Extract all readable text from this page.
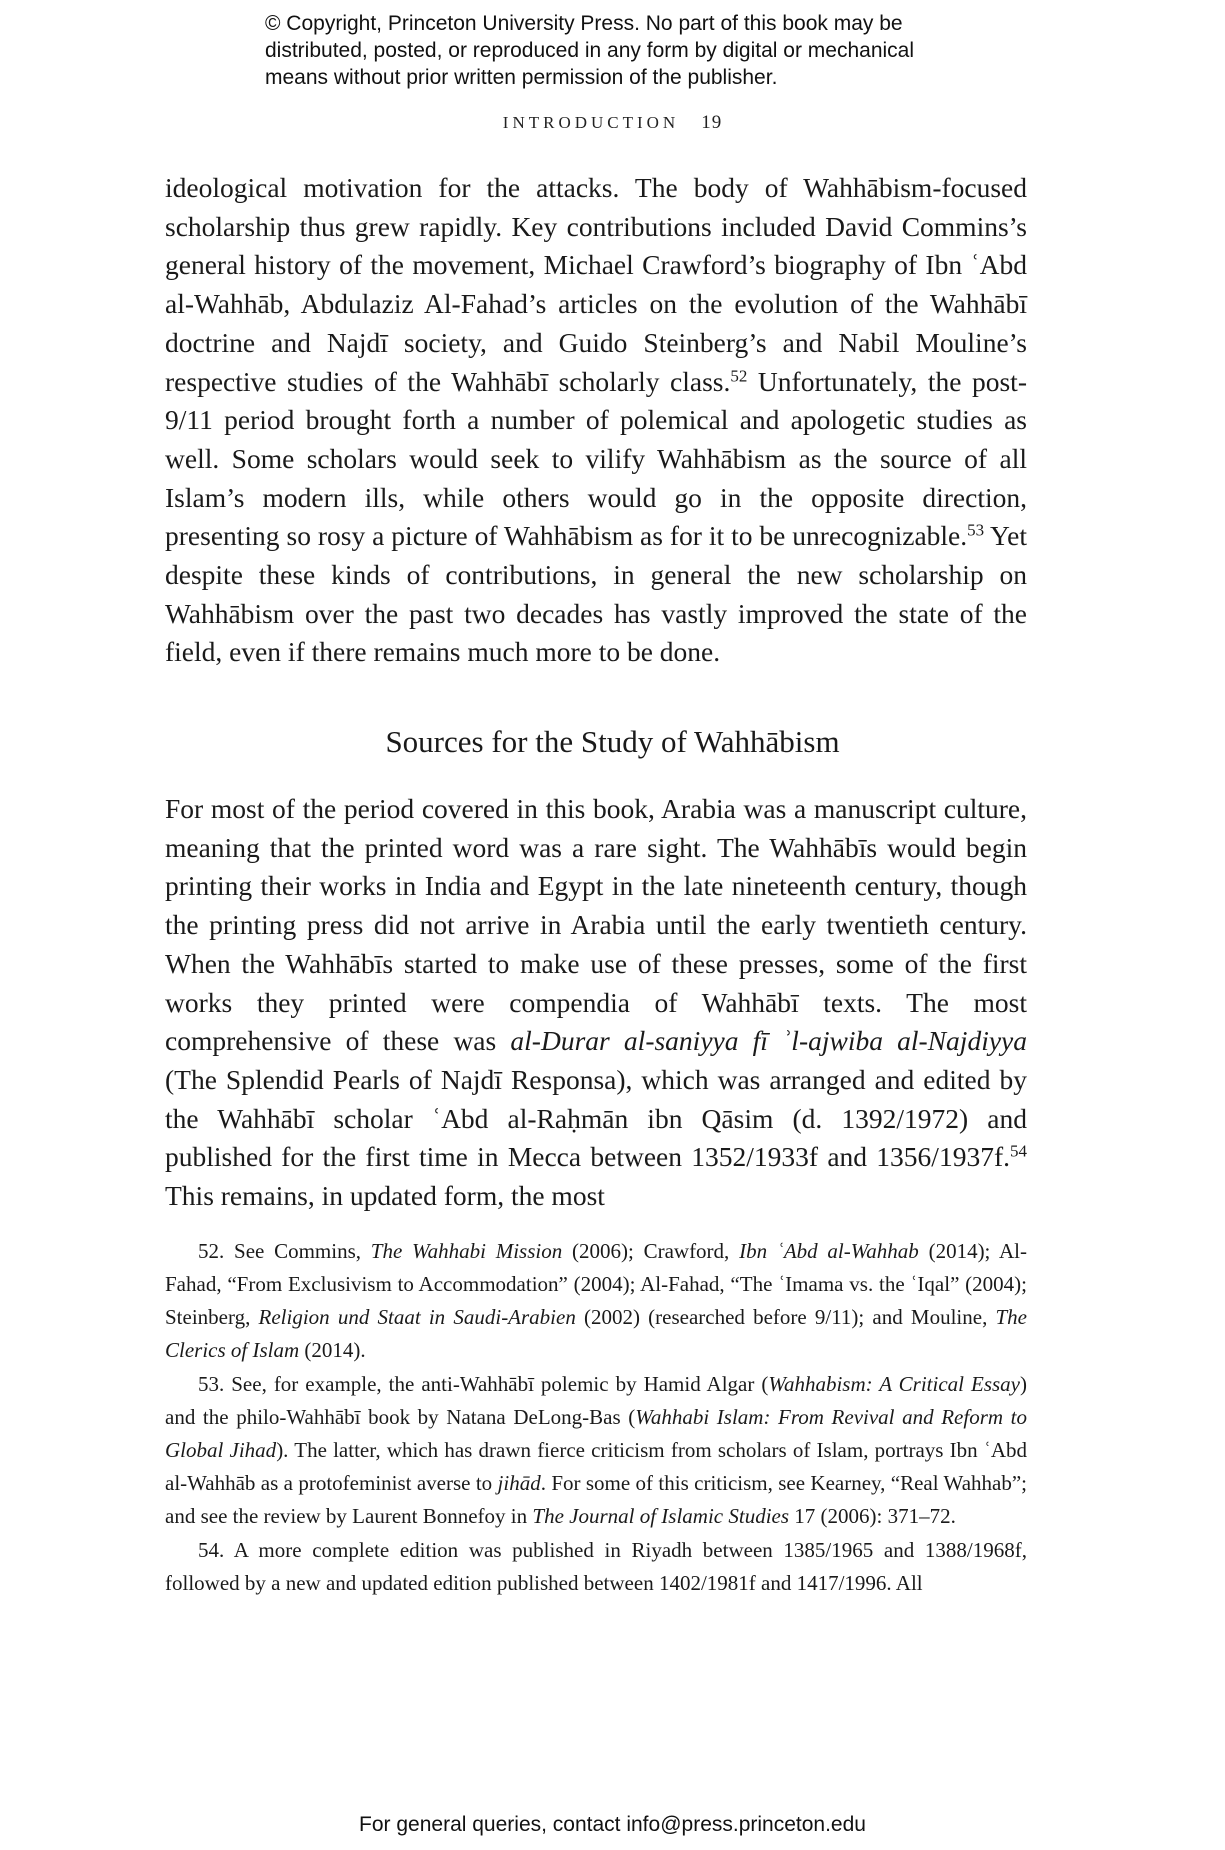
© Copyright, Princeton University Press. No part of this book may be
distributed, posted, or reproduced in any form by digital or mechanical
means without prior written permission of the publisher.
INTRODUCTION 19

ideological motivation for the attacks. The body of Wahhābism-focused scholarship thus grew rapidly. Key contributions included David Commins’s general history of the movement, Michael Crawford’s biography of Ibn ʿAbd al-Wahhāb, Abdulaziz Al-Fahad’s articles on the evolution of the Wahhābī doctrine and Najdī society, and Guido Steinberg’s and Nabil Mouline’s respective studies of the Wahhābī scholarly class.$^{52}$ Unfortunately, the post-9/11 period brought forth a number of polemical and apologetic studies as well. Some scholars would seek to vilify Wahhābism as the source of all Islam’s modern ills, while others would go in the opposite direction, presenting so rosy a picture of Wahhābism as for it to be unrecognizable.$^{53}$ Yet despite these kinds of contributions, in general the new scholarship on Wahhābism over the past two decades has vastly improved the state of the field, even if there remains much more to be done.

Sources for the Study of Wahhābism

For most of the period covered in this book, Arabia was a manuscript culture, meaning that the printed word was a rare sight. The Wahhābīs would begin printing their works in India and Egypt in the late nineteenth century, though the printing press did not arrive in Arabia until the early twentieth century. When the Wahhābīs started to make use of these presses, some of the first works they printed were compendia of Wahhābī texts. The most comprehensive of these was al-Durar al-saniyya fī ʾl-ajwiba al-Najdiyya (The Splendid Pearls of Najdī Responsa), which was arranged and edited by the Wahhābī scholar ʿAbd al-Raḥmān ibn Qāsim (d. 1392/1972) and published for the first time in Mecca between 1352/1933f and 1356/1937f.$^{54}$ This remains, in updated form, the most

52. See Commins, The Wahhabi Mission (2006); Crawford, Ibn ʿAbd al-Wahhab (2014); Al-Fahad, “From Exclusivism to Accommodation” (2004); Al-Fahad, “The ʿImama vs. the ʿIqal” (2004); Steinberg, Religion und Staat in Saudi-Arabien (2002) (researched before 9/11); and Mouline, The Clerics of Islam (2014).

53. See, for example, the anti-Wahhābī polemic by Hamid Algar (Wahhabism: A Critical Essay) and the philo-Wahhābī book by Natana DeLong-Bas (Wahhabi Islam: From Revival and Reform to Global Jihad). The latter, which has drawn fierce criticism from scholars of Islam, portrays Ibn ʿAbd al-Wahhāb as a protofeminist averse to jihād. For some of this criticism, see Kearney, “Real Wahhab”; and see the review by Laurent Bonnefoy in The Journal of Islamic Studies 17 (2006): 371–72.

54. A more complete edition was published in Riyadh between 1385/1965 and 1388/1968f, followed by a new and updated edition published between 1402/1981f and 1417/1996. All

For general queries, contact info@press.princeton.edu
